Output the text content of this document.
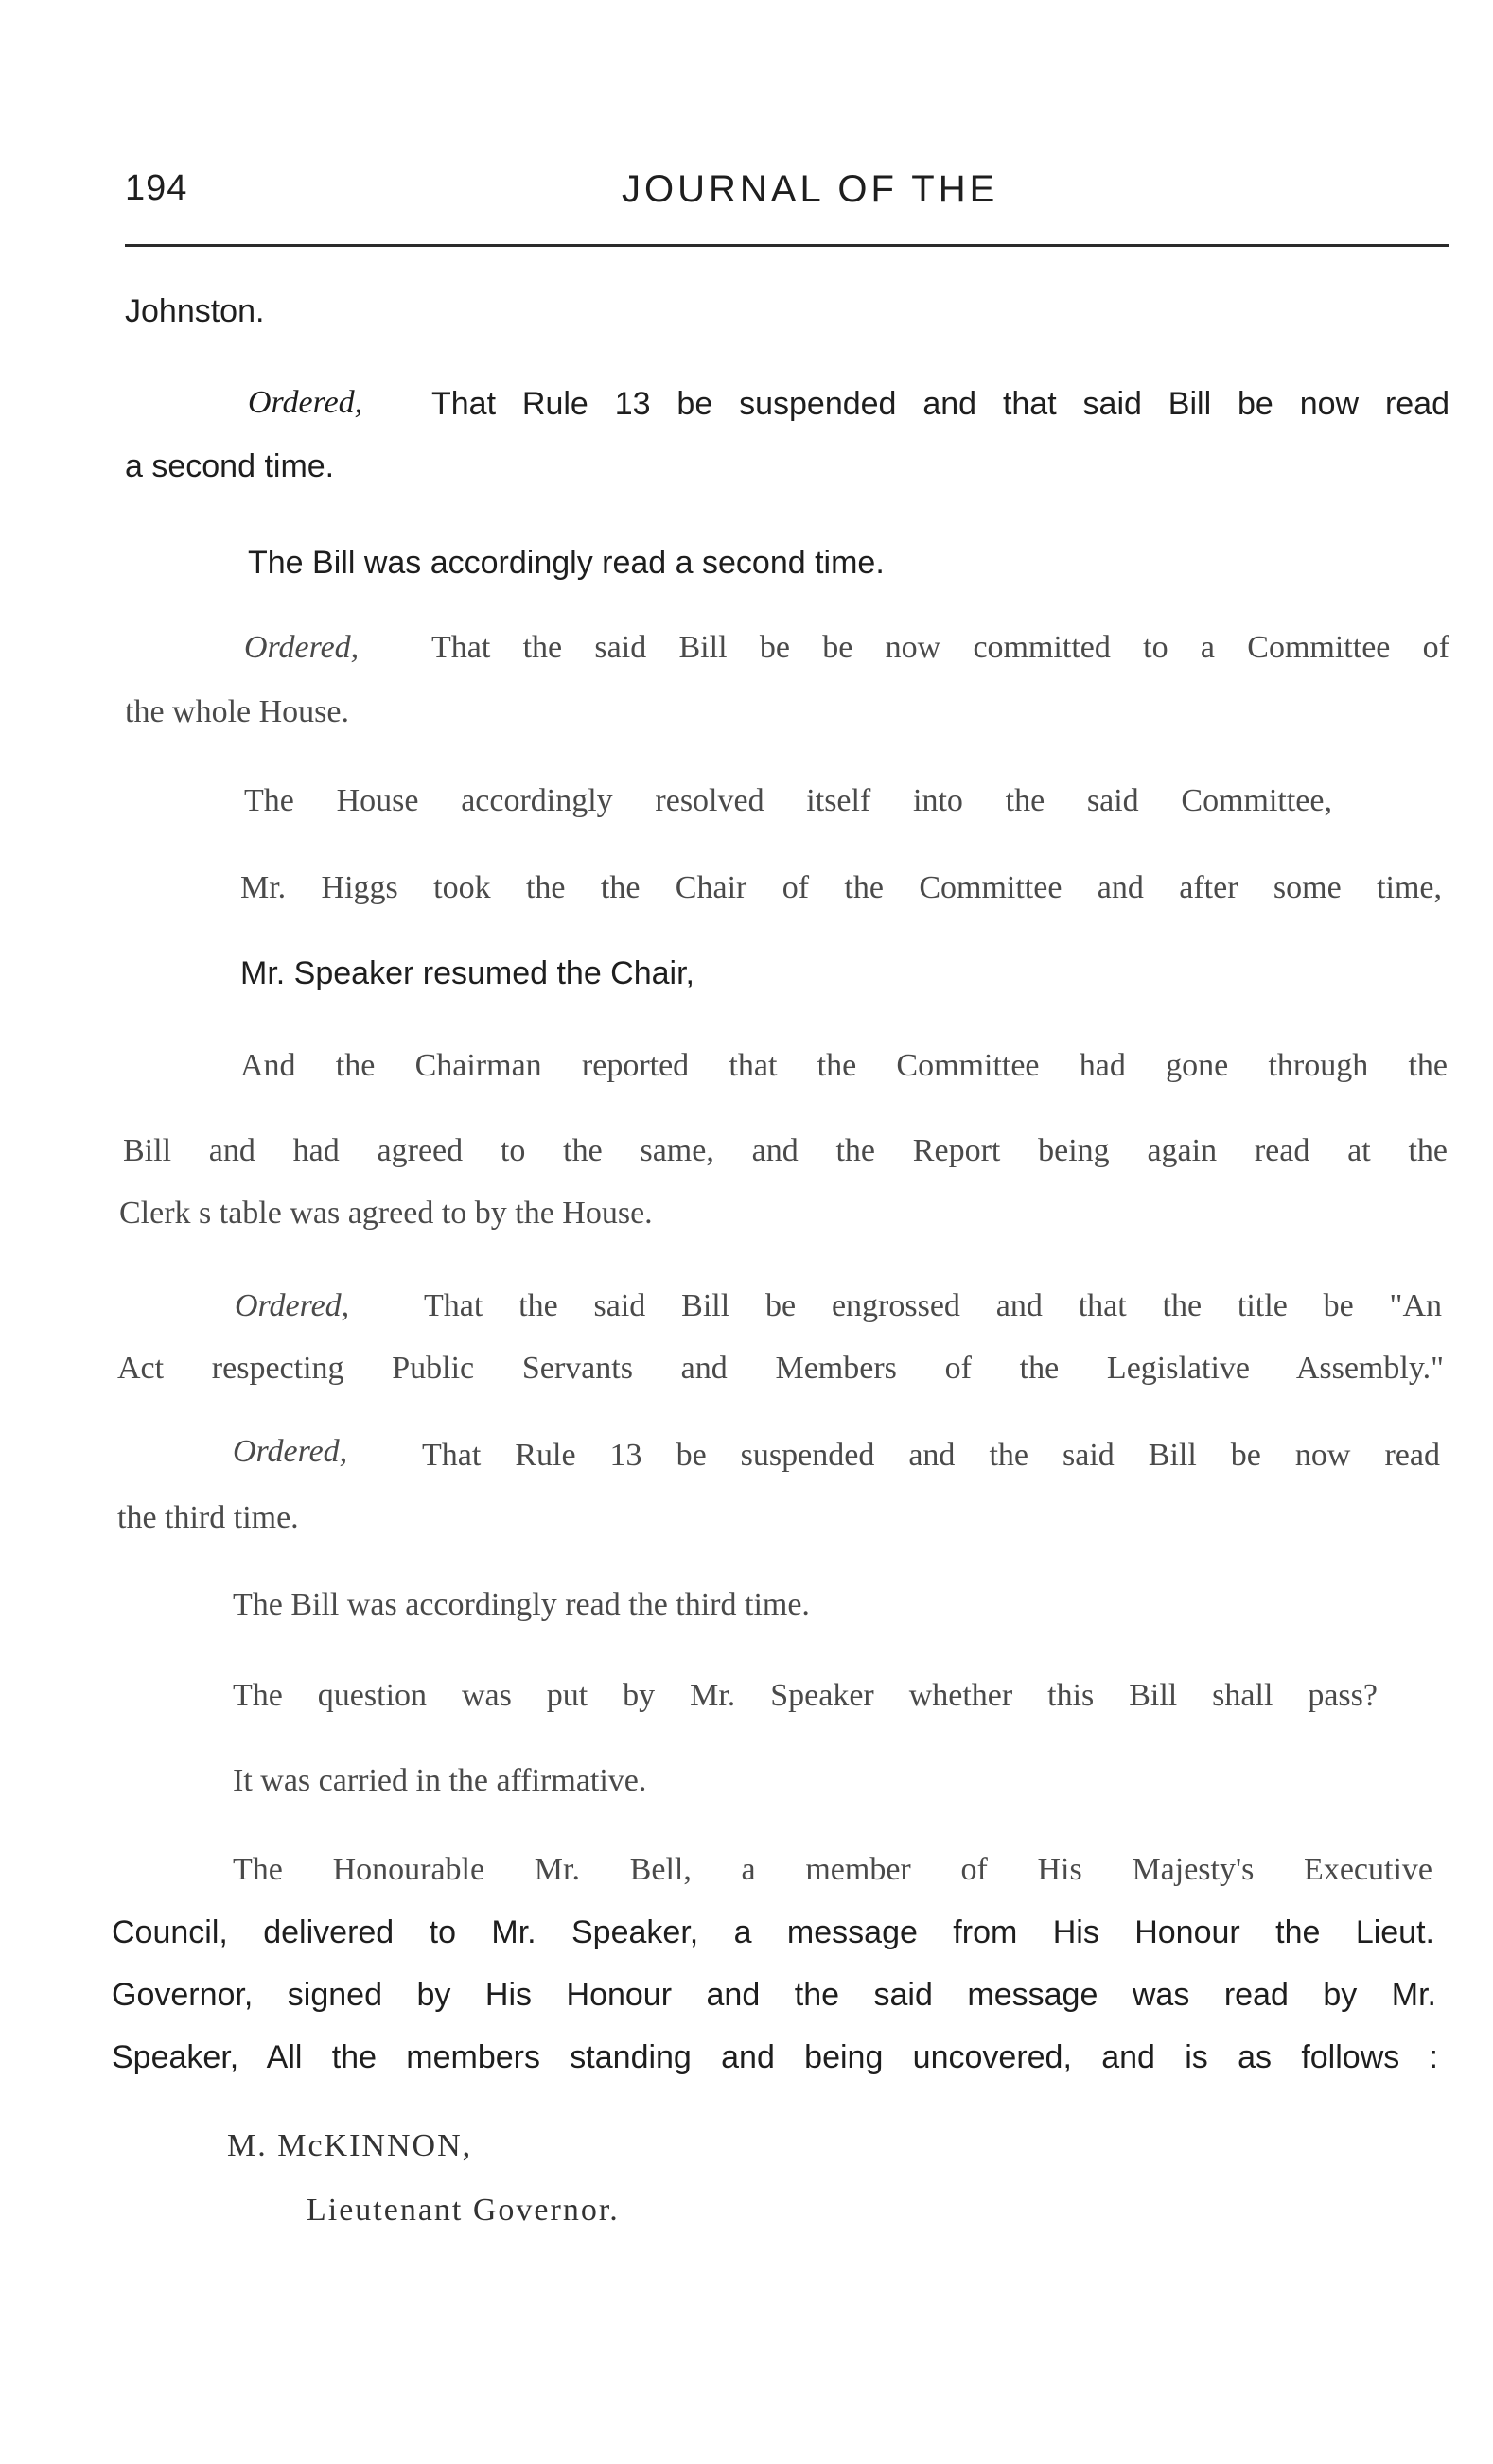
194	JOURNAL OF THE
Johnston.
Ordered, That Rule 13 be suspended and that said Bill be now read
a second time.
The Bill was accordingly read a second time.
Ordered, That the said Bill be be now committed to a Committee of
the whole House.
The House accordingly resolved itself into the said Committee,
Mr. Higgs took the the Chair of the Committee and after some time,
Mr. Speaker resumed the Chair,
And the Chairman reported that the Committee had gone through the
Bill and had agreed to the same, and the Report being again read at the
Clerk s table was agreed to by the House.
Ordered, That the said Bill be engrossed and that the title be "An
Act respecting Public Servants and Members of the Legislative Assembly."
Ordered, That Rule 13 be suspended and the said Bill be now read
the third time.
The Bill was accordingly read the third time.
The question was put by Mr. Speaker whether this Bill shall pass?
It was carried in the affirmative.
The Honourable Mr. Bell, a member of His Majesty's Executive
Council, delivered to Mr. Speaker, a message from His Honour the Lieut.
Governor, signed by His Honour and the said message was read by Mr.
Speaker, All the members standing and being uncovered, and is as follows :
M. McKINNON,
Lieutenant Governor.
